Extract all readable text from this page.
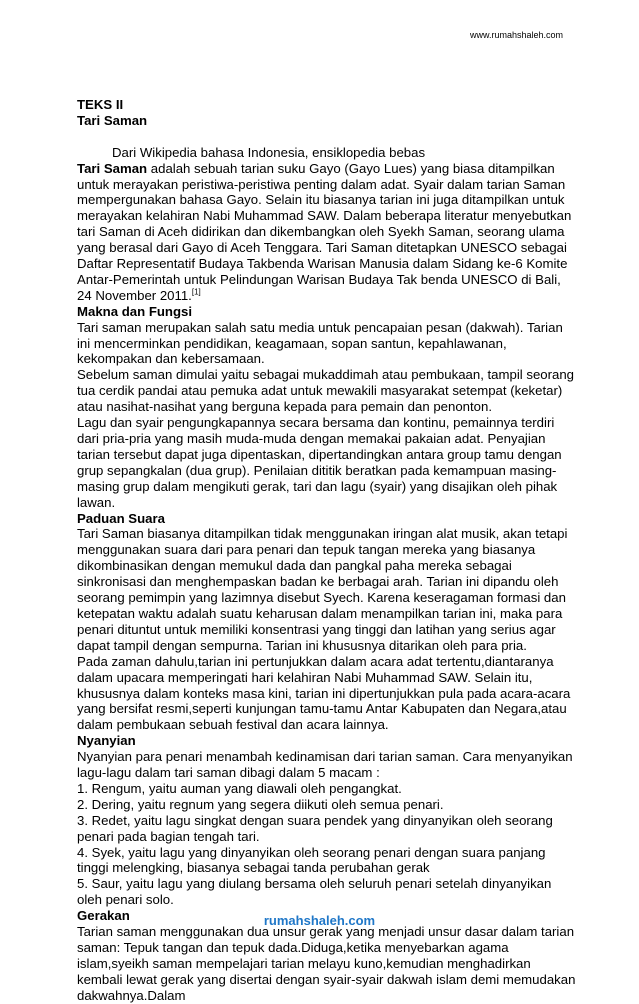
www.rumahshaleh.com

TEKS II

Tari Saman

Dari Wikipedia bahasa Indonesia, ensiklopedia bebas

Tari Saman adalah sebuah tarian suku Gayo (Gayo Lues) yang biasa ditampilkan untuk merayakan peristiwa-peristiwa penting dalam adat. Syair dalam tarian Saman mempergunakan bahasa Gayo. Selain itu biasanya tarian ini juga ditampilkan untuk merayakan kelahiran Nabi Muhammad SAW. Dalam beberapa literatur menyebutkan tari Saman di Aceh didirikan dan dikembangkan oleh Syekh Saman, seorang ulama yang berasal dari Gayo di Aceh Tenggara. Tari Saman ditetapkan UNESCO sebagai Daftar Representatif Budaya Takbenda Warisan Manusia dalam Sidang ke-6 Komite Antar-Pemerintah untuk Pelindungan Warisan Budaya Tak benda UNESCO di Bali, 24 November 2011.[1]

Makna dan Fungsi

Tari saman merupakan salah satu media untuk pencapaian pesan (dakwah). Tarian ini mencerminkan pendidikan, keagamaan, sopan santun, kepahlawanan, kekompakan dan kebersamaan.

Sebelum saman dimulai yaitu sebagai mukaddimah atau pembukaan, tampil seorang tua cerdik pandai atau pemuka adat untuk mewakili masyarakat setempat (keketar) atau nasihat-nasihat yang berguna kepada para pemain dan penonton.

Lagu dan syair pengungkapannya secara bersama dan kontinu, pemainnya terdiri dari pria-pria yang masih muda-muda dengan memakai pakaian adat. Penyajian tarian tersebut dapat juga dipentaskan, dipertandingkan antara group tamu dengan grup sepangkalan (dua grup). Penilaian dititik beratkan pada kemampuan masing-masing grup dalam mengikuti gerak, tari dan lagu (syair) yang disajikan oleh pihak lawan.

Paduan Suara

Tari Saman biasanya ditampilkan tidak menggunakan iringan alat musik, akan tetapi menggunakan suara dari para penari dan tepuk tangan mereka yang biasanya dikombinasikan dengan memukul dada dan pangkal paha mereka sebagai sinkronisasi dan menghempaskan badan ke berbagai arah. Tarian ini dipandu oleh seorang pemimpin yang lazimnya disebut Syech. Karena keseragaman formasi dan ketepatan waktu adalah suatu keharusan dalam menampilkan tarian ini, maka para penari dituntut untuk memiliki konsentrasi yang tinggi dan latihan yang serius agar dapat tampil dengan sempurna. Tarian ini khususnya ditarikan oleh para pria.

Pada zaman dahulu,tarian ini pertunjukkan dalam acara adat tertentu,diantaranya dalam upacara memperingati hari kelahiran Nabi Muhammad SAW. Selain itu, khususnya dalam konteks masa kini, tarian ini dipertunjukkan pula pada acara-acara yang bersifat resmi,seperti kunjungan tamu-tamu Antar Kabupaten dan Negara,atau dalam pembukaan sebuah festival dan acara lainnya.

Nyanyian

Nyanyian para penari menambah kedinamisan dari tarian saman. Cara menyanyikan lagu-lagu dalam tari saman dibagi dalam 5 macam :

1. Rengum, yaitu auman yang diawali oleh pengangkat.

2. Dering, yaitu regnum yang segera diikuti oleh semua penari.

3. Redet, yaitu lagu singkat dengan suara pendek yang dinyanyikan oleh seorang penari pada bagian tengah tari.

4. Syek, yaitu lagu yang dinyanyikan oleh seorang penari dengan suara panjang tinggi melengking, biasanya sebagai tanda perubahan gerak

5. Saur, yaitu lagu yang diulang bersama oleh seluruh penari setelah dinyanyikan oleh penari solo.

Gerakan

Tarian saman menggunakan dua unsur gerak yang menjadi unsur dasar dalam tarian saman: Tepuk tangan dan tepuk dada.Diduga,ketika menyebarkan agama islam,syeikh saman mempelajari tarian melayu kuno,kemudian menghadirkan kembali lewat gerak yang disertai dengan syair-syair dakwah islam demi memudakan dakwahnya.Dalam

rumahshaleh.com
